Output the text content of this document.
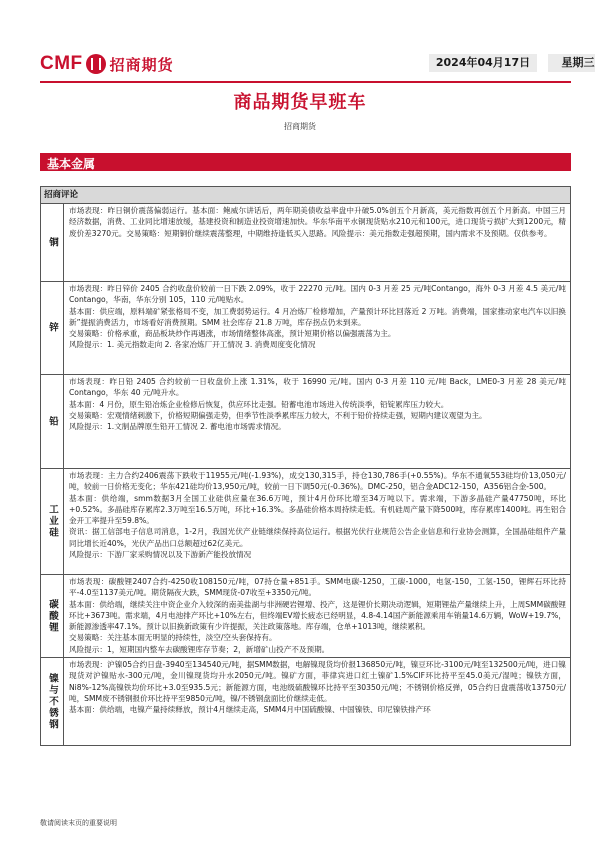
CMF 招商期货	2024年04月17日	星期三
商品期货早班车
招商期货
基本金属
招商评论
铜

市场表现：昨日铜价震荡偏弱运行。基本面：鲍威尔讲话后，两年期美债收益率盘中升破5.0%创五个月新高，美元指数再创五个月新高。中国三月经济数据，消费、工业同比增速放缓，基建投资和制造业投资增速加快。华东华南平水铜现货贴水210元和100元，进口现货亏损扩大到1200元，精废价差3270元。交易策略：短期铜价继续震荡整理，中期维持逢低买入思路。风险提示：美元指数走强超预期，国内需求不及预期。仅供参考。

锌

市场表现：昨日锌价 2405 合约收盘价较前一日下跌 2.09%，收于 22270 元/吨。国内 0-3 月差 25 元/吨Contango，海外 0-3 月差 4.5 美元/吨 Contango，华南，华东分别 105，110 元/吨贴水。

基本面：供应端，原料端矿紧张格局不变，加工费弱势运行。4 月冶炼厂检修增加，产量预计环比回落近 2 万吨。消费端，国家推动家电汽车以旧换新”提振消费活力，市场看好消费预期。SMM 社会库存 21.8 万吨，库存拐点仍未到来。

交易策略：价格承重，商品板块炒作再遇涨，市场情绪整体高涨，预计短期价格以偏强震荡为主。

风险提示：1. 美元指数走向 2. 各家冶炼厂开工情况 3. 消费周度变化情况

铅

市场表现：昨日铅 2405 合约较前一日收盘价上涨 1.31%，收于 16990 元/吨。国内 0-3 月差 110 元/吨 Back，LME0-3 月差 28 美元/吨 Contango，华东 40 元/吨升水。

基本面：4 月份，原生铅冶炼企业检修后恢复，供应环比走强。铅蓄电池市场进入传统淡季，铅锭累库压力较大。

交易策略：宏观情绪刺激下，价格短期偏强走势，但季节性淡季累库压力较大，不利于铅价持续走强，短期内建议观望为主。

风险提示：1.文制品牌原生铅开工情况 2. 蓄电池市场需求情况。

工业硅

市场表现：主力合约2406震荡下跌收于11955元/吨(-1.93%)，成交130,315手，持仓130,786手(+0.55%)。华东不通氧553硅均价13,050元/吨，较前一日价格无变化；华东421硅均价13,950元/吨，较前一日下调50元(-0.36%)。DMC-250，铝合金ADC12-150，A356铝合金-500。

基本面：供给端，smm数据3月全国工业硅供应量在36.6万吨，预计4月份环比增至34万吨以下。需求端，下游多晶硅产量47750吨，环比+0.52%。多晶硅库存累库2.3万吨至16.5万吨，环比+16.3%。多晶硅价格本周持续走低。有机硅周产量下降500吨，库存累库1400吨。再生铝合金开工率提升至59.8%。

资讯：据工信部电子信息司消息，1-2月，我国光伏产业链继续保持高位运行。根据光伏行业规范公告企业信息和行业协会测算，全国晶硅组件产量同比增长近40%，光伏产品出口总额超过62亿美元。

风险提示：下游厂家采购情况以及下游新产能投放情况

碳酸锂

市场表现：碳酸锂2407合约-4250收108150元/吨，07持仓量+851手。SMM电碳-1250，工碳-1000，电氢-150，工氢-150，锂辉石环比持平-4.0至1137美元/吨。期货隔夜大跌，SMM现货-07收至+3350元/吨。

基本面：供给端，继续关注中资企业介入较深的南美盐湖与非洲硬岩锂增、投产，这是锂价长期决动逻辑，短期锂盐产量继续上升，上周SMM碳酸锂环比+3673吨。需求端，4月电池排产环比+10%左右，但终端EV增长疲态已经明显，4.8-4.14国产新能源乘用车销量14.6万辆，WoW+19.7%，新能源渗透率47.1%。预计以旧换新政策有少许提振，关注政策落地。库存端，仓单+1013吨，继续累积。

交易策略：关注基本面无明显的持续性，淡空/空头套保持有。

风险提示：1，短期国内整车去碳酸锂库存节奏；2，新增矿山投产不及预期。

镍与不锈钢

市场表现：沪镍05合约日盘-3940至134540元/吨，据SMM数据，电解镍现货均价报136850元/吨，镍豆环比-3100元/吨至132500元/吨，进口镍现货对沪镍贴水-300元/吨，金川镍现货均升水2050元/吨。镍矿方面，菲律宾进口红土镍矿1.5%CIF环比持平至45.0美元/湿吨；镍铁方面，Ni8%-12%高镍铁均价环比+3.0至935.5元；新能源方面，电池级硫酸镍环比持平至30350元/吨；不锈钢价格反弹，05合约日盘震荡收13750元/吨，SMM废不锈钢报价环比持平至9850元/吨，镍/不锈钢盘面比价继续走低。

基本面：供给端，电镍产量持续释放，预计4月继续走高，SMM4月中国硫酸镍、中国镍铁、印尼镍铁排产环

敬请阅读末页的重要说明
